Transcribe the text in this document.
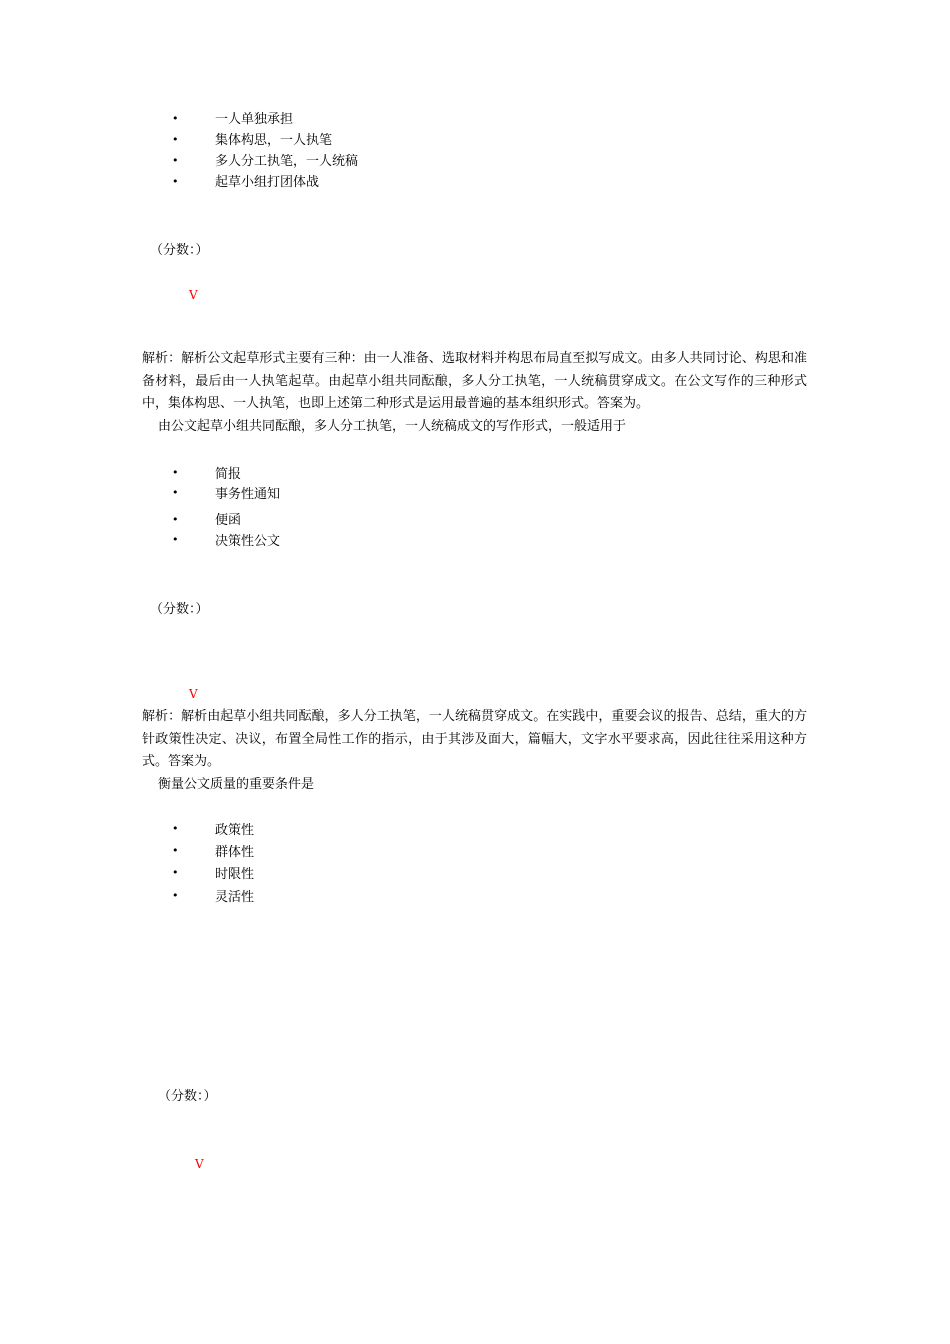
•	一人单独承担
•	集体构思，一人执笔
•	多人分工执笔，一人统稿
•	起草小组打团体战
（分数：）
V
解析：解析公文起草形式主要有三种：由一人准备、选取材料并构思布局直至拟写成文。由多人共同讨论、构思和准备材料，最后由一人执笔起草。由起草小组共同酝酿，多人分工执笔，一人统稿贯穿成文。在公文写作的三种形式中，集体构思、一人执笔，也即上述第二种形式是运用最普遍的基本组织形式。答案为。
由公文起草小组共同酝酿，多人分工执笔，一人统稿成文的写作形式，一般适用于
•	简报
•	事务性通知
•	便函
•	决策性公文
（分数：）
V
解析：解析由起草小组共同酝酿，多人分工执笔，一人统稿贯穿成文。在实践中，重要会议的报告、总结，重大的方针政策性决定、决议，布置全局性工作的指示，由于其涉及面大，篇幅大，文字水平要求高，因此往往采用这种方式。答案为。
衡量公文质量的重要条件是
•	政策性
•	群体性
•	时限性
•	灵活性
（分数：）
V
